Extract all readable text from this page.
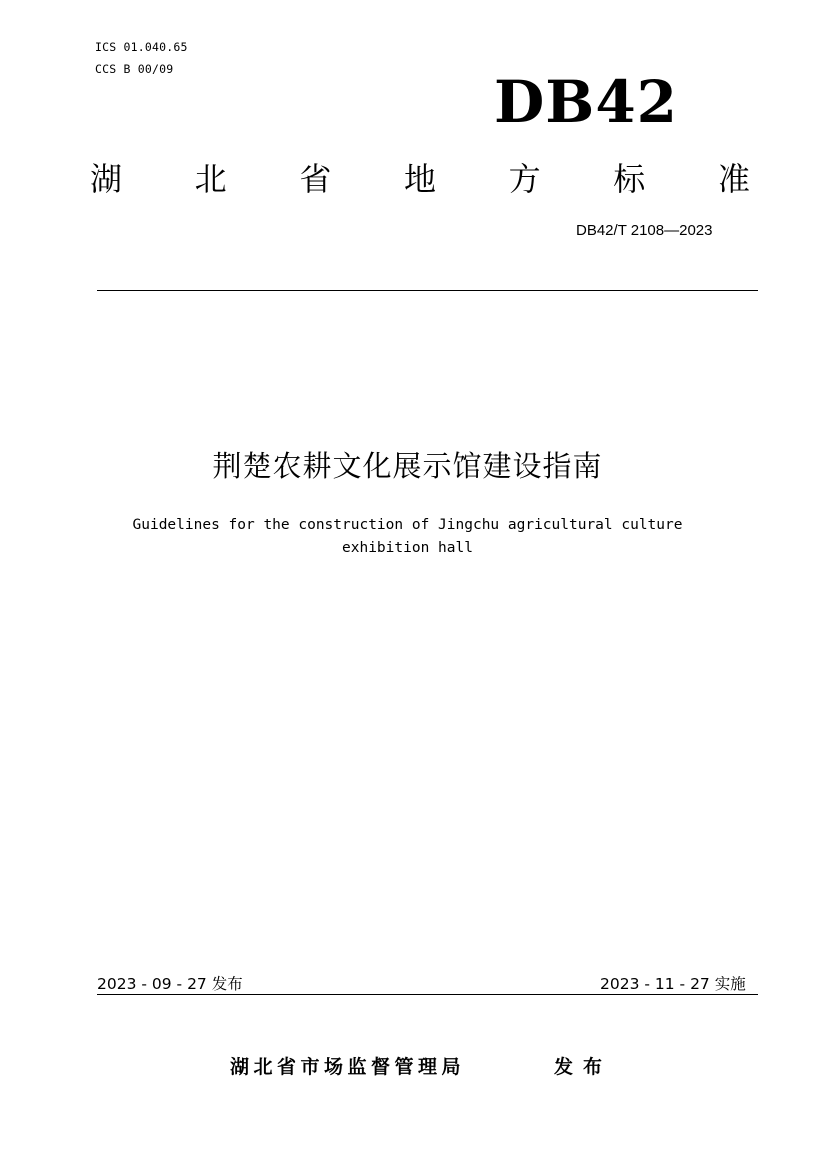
ICS 01.040.65
CCS B 00/09	DB42
湖 北 省 地 方 标 准
DB42/T 2108—2023
荆楚农耕文化展示馆建设指南
Guidelines for the construction of Jingchu agricultural culture
exhibition hall
2023 - 09 - 27 发布	2023 - 11 - 27 实施
湖北省市场监督管理局	发布
